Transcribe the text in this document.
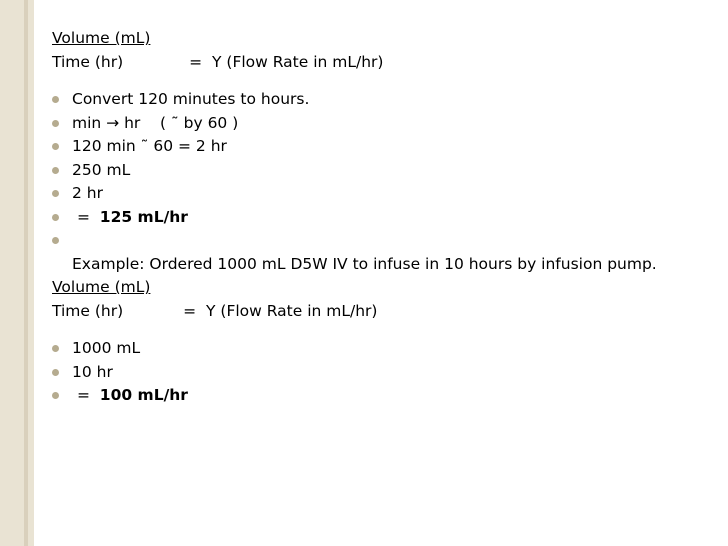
Volume (mL)
Time (hr)	=  Y (Flow Rate in mL/hr)
Convert 120 minutes to hours.
min → hr    ( ˜ by 60 )
120 min ˜ 60 = 2 hr
250 mL
2 hr
=  125 mL/hr
Example: Ordered 1000 mL D5W IV to infuse in 10 hours by infusion pump.
Volume (mL)
Time (hr)	=  Y (Flow Rate in mL/hr)
1000 mL
10 hr
=  100 mL/hr
